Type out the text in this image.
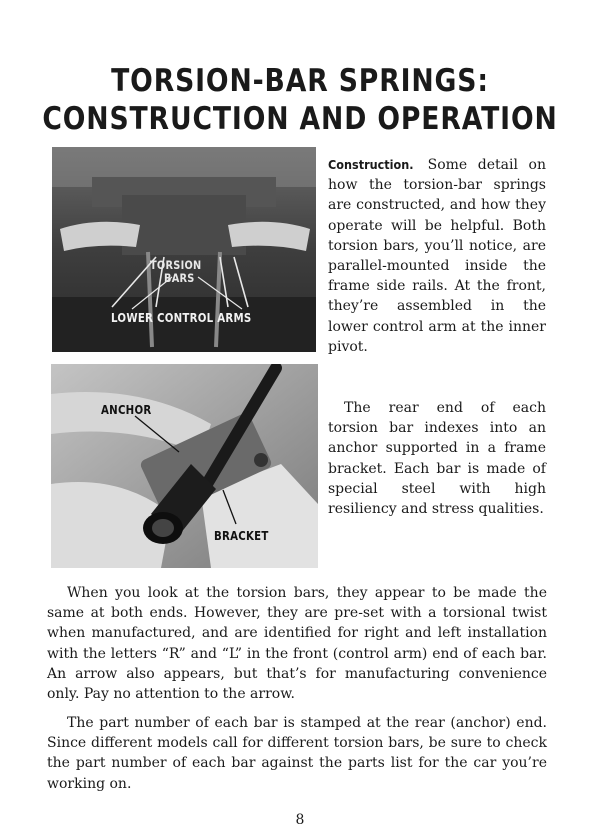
TORSION-BAR SPRINGS:
CONSTRUCTION AND OPERATION
TORSION
BARS
LOWER CONTROL ARMS

Construction. Some detail on how the torsion-bar springs are constructed, and how they operate will be helpful. Both torsion bars, you’ll notice, are parallel-mounted inside the frame side rails. At the front, they’re assembled in the lower control arm at the inner pivot.

ANCHOR
BRACKET

The rear end of each torsion bar indexes into an anchor supported in a frame bracket. Each bar is made of special steel with high resiliency and stress qualities.

When you look at the torsion bars, they appear to be made the same at both ends. However, they are pre-set with a torsional twist when manufactured, and are identified for right and left installation with the letters “R” and “L” in the front (control arm) end of each bar. An arrow also appears, but that’s for manufacturing convenience only. Pay no attention to the arrow.

The part number of each bar is stamped at the rear (anchor) end. Since different models call for different torsion bars, be sure to check the part number of each bar against the parts list for the car you’re working on.

8
